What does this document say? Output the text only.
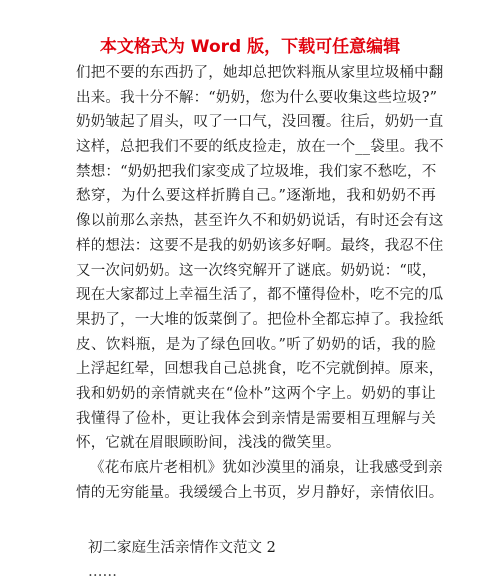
本文格式为 Word 版，下载可任意编辑
们把不要的东西扔了，她却总把饮料瓶从家里垃圾桶中翻
出来。我十分不解：“奶奶，您为什么要收集这些垃圾?”
奶奶皱起了眉头，叹了一口气，没回覆。往后，奶奶一直
这样，总把我们不要的纸皮捡走，放在一个__袋里。我不
禁想：“奶奶把我们家变成了垃圾堆，我们家不愁吃，不
愁穿，为什么要这样折腾自己。”逐渐地，我和奶奶不再
像以前那么亲热，甚至许久不和奶奶说话，有时还会有这
样的想法：这要不是我的奶奶该多好啊。最终，我忍不住
又一次问奶奶。这一次终究解开了谜底。奶奶说：“哎，
现在大家都过上幸福生活了，都不懂得俭朴，吃不完的瓜
果扔了，一大堆的饭菜倒了。把俭朴全都忘掉了。我捡纸
皮、饮料瓶，是为了绿色回收。”听了奶奶的话，我的脸
上浮起红晕，回想我自己总挑食，吃不完就倒掉。原来，
我和奶奶的亲情就夹在“俭朴”这两个字上。奶奶的事让
我懂得了俭朴，更让我体会到亲情是需要相互理解与关
怀，它就在眉眼顾盼间，浅浅的微笑里。
《花布底片老相机》犹如沙漠里的涌泉，让我感受到亲
情的无穷能量。我缓缓合上书页，岁月静好，亲情依旧。
初二家庭生活亲情作文范文 2
……
